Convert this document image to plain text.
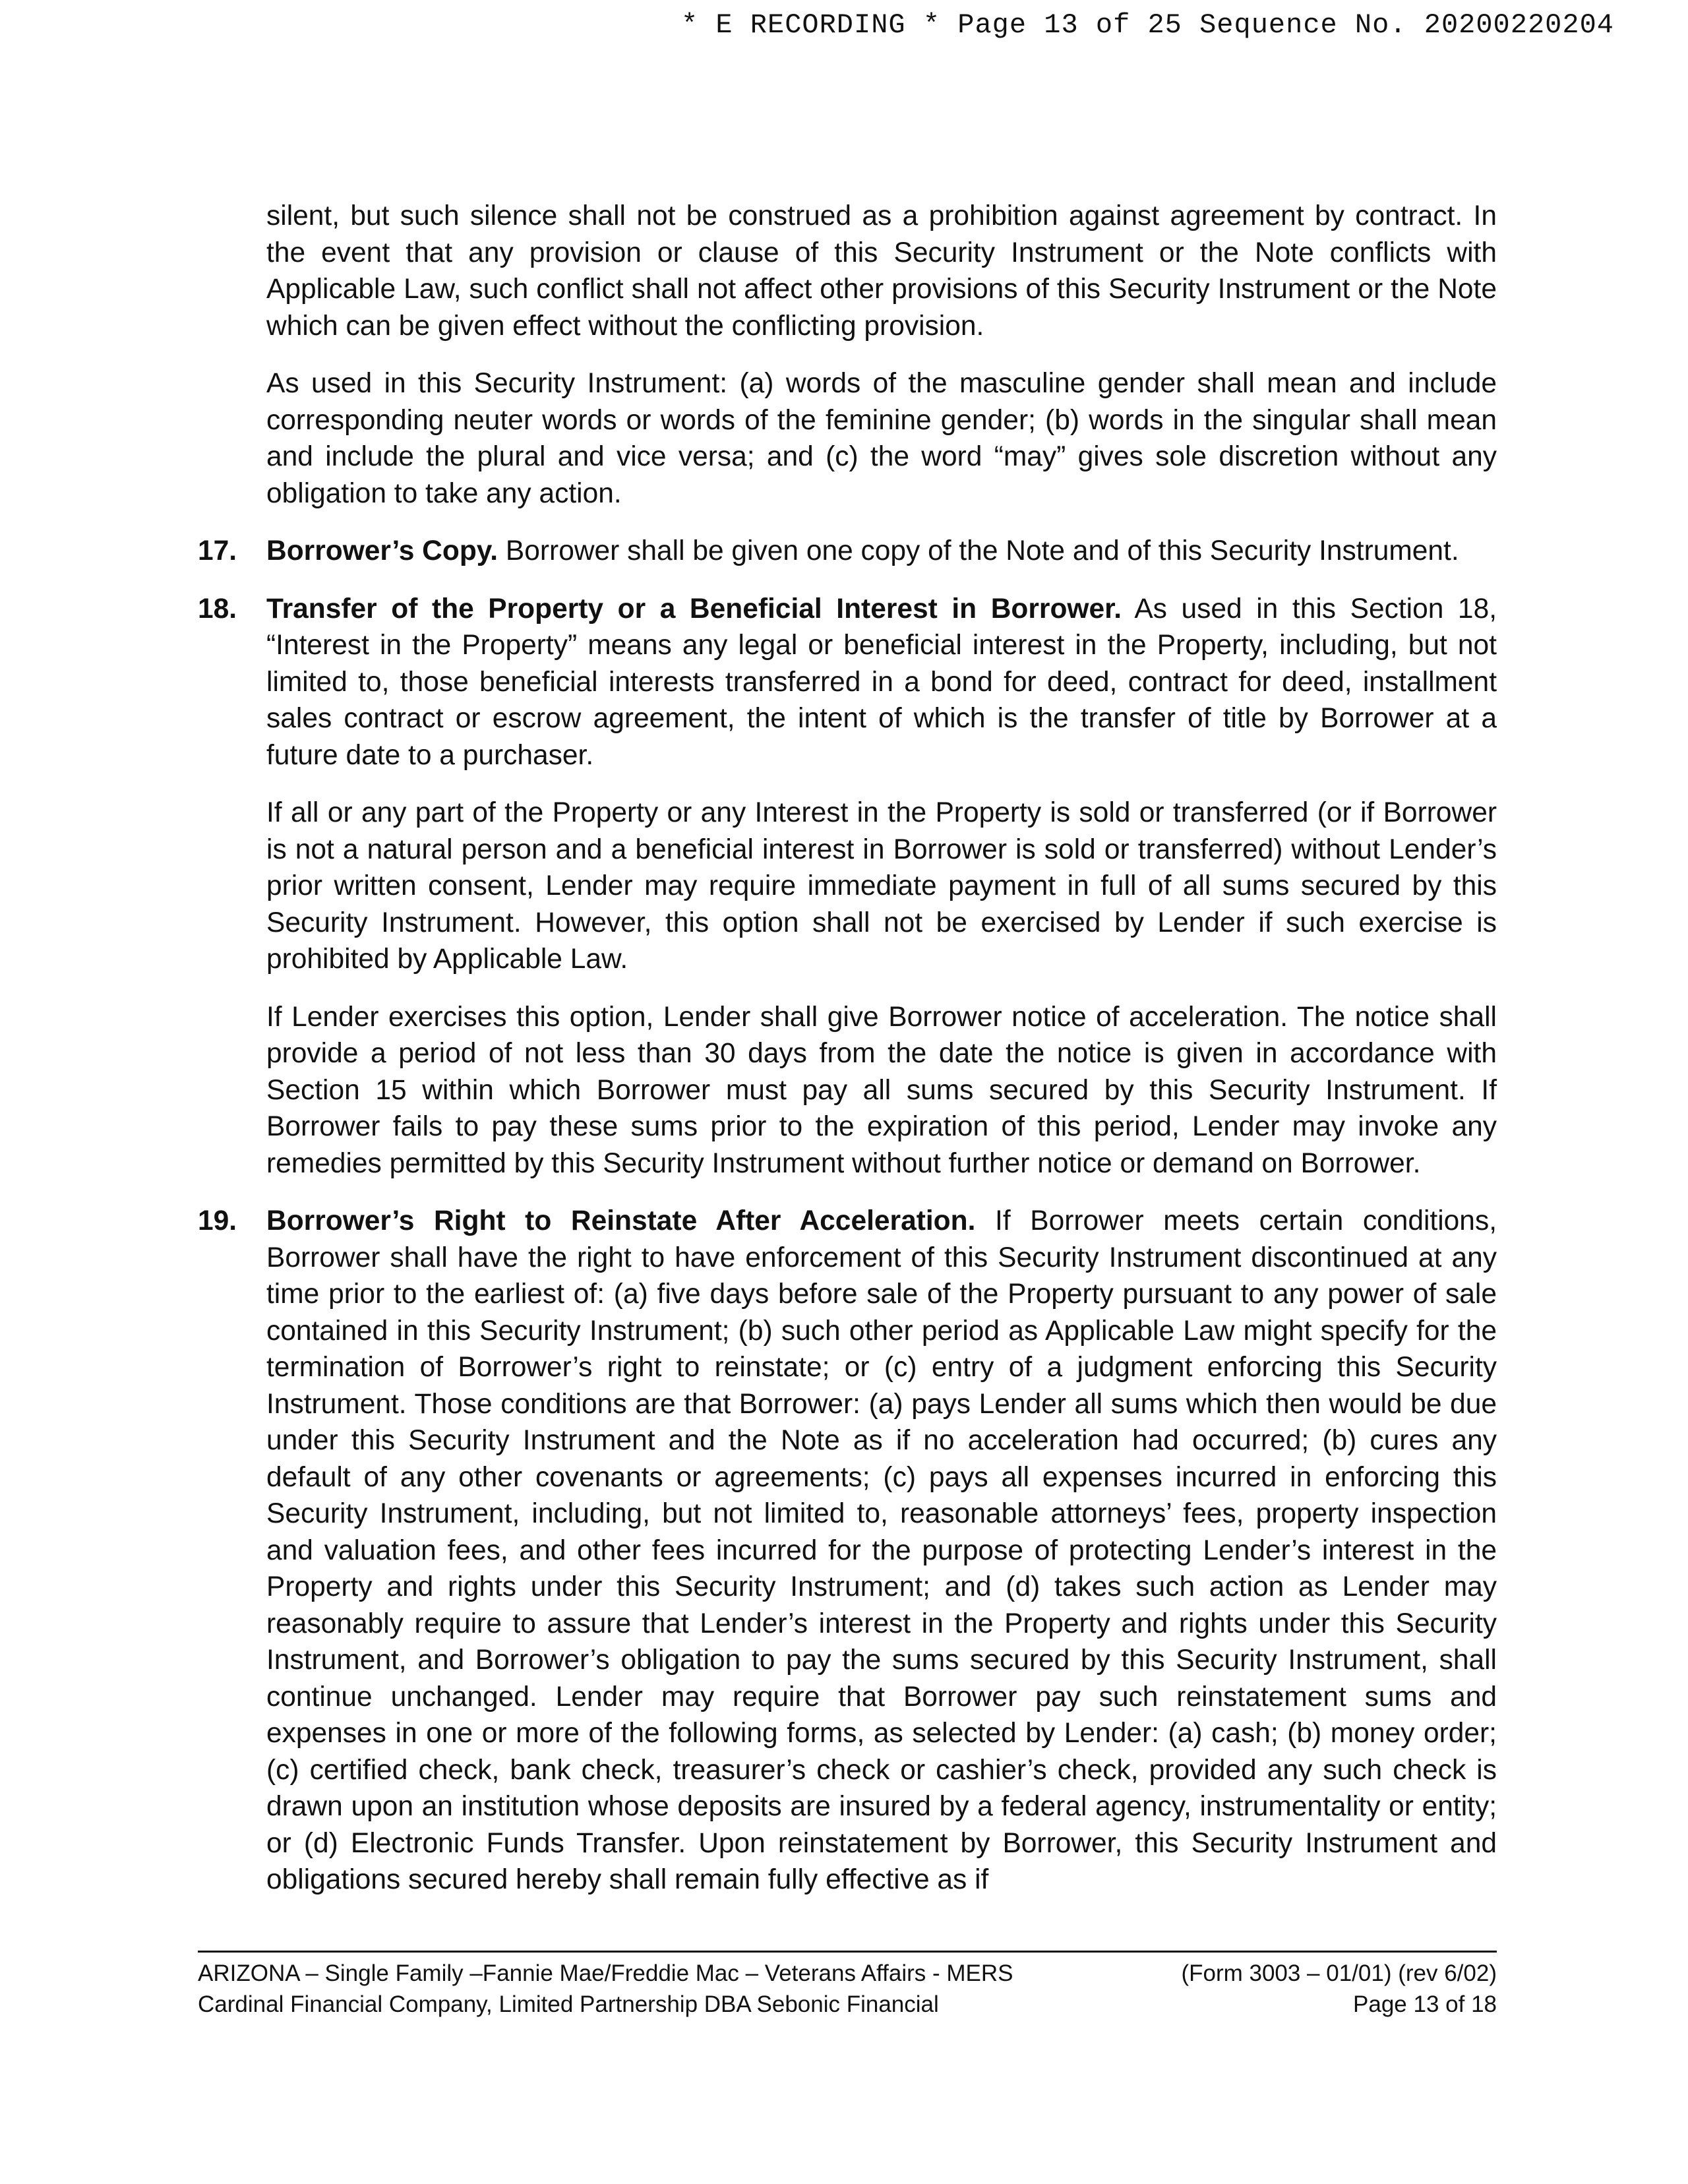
* E RECORDING * Page 13 of 25 Sequence No. 20200220204

silent, but such silence shall not be construed as a prohibition against agreement by contract. In the event that any provision or clause of this Security Instrument or the Note conflicts with Applicable Law, such conflict shall not affect other provisions of this Security Instrument or the Note which can be given effect without the conflicting provision.

As used in this Security Instrument: (a) words of the masculine gender shall mean and include corresponding neuter words or words of the feminine gender; (b) words in the singular shall mean and include the plural and vice versa; and (c) the word “may” gives sole discretion without any obligation to take any action.

17. Borrower’s Copy. Borrower shall be given one copy of the Note and of this Security Instrument.
18. Transfer of the Property or a Beneficial Interest in Borrower. As used in this Section 18, “Interest in the Property” means any legal or beneficial interest in the Property, including, but not limited to, those beneficial interests transferred in a bond for deed, contract for deed, installment sales contract or escrow agreement, the intent of which is the transfer of title by Borrower at a future date to a purchaser.

If all or any part of the Property or any Interest in the Property is sold or transferred (or if Borrower is not a natural person and a beneficial interest in Borrower is sold or transferred) without Lender’s prior written consent, Lender may require immediate payment in full of all sums secured by this Security Instrument. However, this option shall not be exercised by Lender if such exercise is prohibited by Applicable Law.

If Lender exercises this option, Lender shall give Borrower notice of acceleration. The notice shall provide a period of not less than 30 days from the date the notice is given in accordance with Section 15 within which Borrower must pay all sums secured by this Security Instrument. If Borrower fails to pay these sums prior to the expiration of this period, Lender may invoke any remedies permitted by this Security Instrument without further notice or demand on Borrower.

19. Borrower’s Right to Reinstate After Acceleration. If Borrower meets certain conditions, Borrower shall have the right to have enforcement of this Security Instrument discontinued at any time prior to the earliest of: (a) five days before sale of the Property pursuant to any power of sale contained in this Security Instrument; (b) such other period as Applicable Law might specify for the termination of Borrower’s right to reinstate; or (c) entry of a judgment enforcing this Security Instrument. Those conditions are that Borrower: (a) pays Lender all sums which then would be due under this Security Instrument and the Note as if no acceleration had occurred; (b) cures any default of any other covenants or agreements; (c) pays all expenses incurred in enforcing this Security Instrument, including, but not limited to, reasonable attorneys’ fees, property inspection and valuation fees, and other fees incurred for the purpose of protecting Lender’s interest in the Property and rights under this Security Instrument; and (d) takes such action as Lender may reasonably require to assure that Lender’s interest in the Property and rights under this Security Instrument, and Borrower’s obligation to pay the sums secured by this Security Instrument, shall continue unchanged. Lender may require that Borrower pay such reinstatement sums and expenses in one or more of the following forms, as selected by Lender: (a) cash; (b) money order; (c) certified check, bank check, treasurer’s check or cashier’s check, provided any such check is drawn upon an institution whose deposits are insured by a federal agency, instrumentality or entity; or (d) Electronic Funds Transfer. Upon reinstatement by Borrower, this Security Instrument and obligations secured hereby shall remain fully effective as if
ARIZONA – Single Family –Fannie Mae/Freddie Mac – Veterans Affairs - MERS	(Form 3003 – 01/01) (rev 6/02)
Cardinal Financial Company, Limited Partnership DBA Sebonic Financial	Page 13 of 18
